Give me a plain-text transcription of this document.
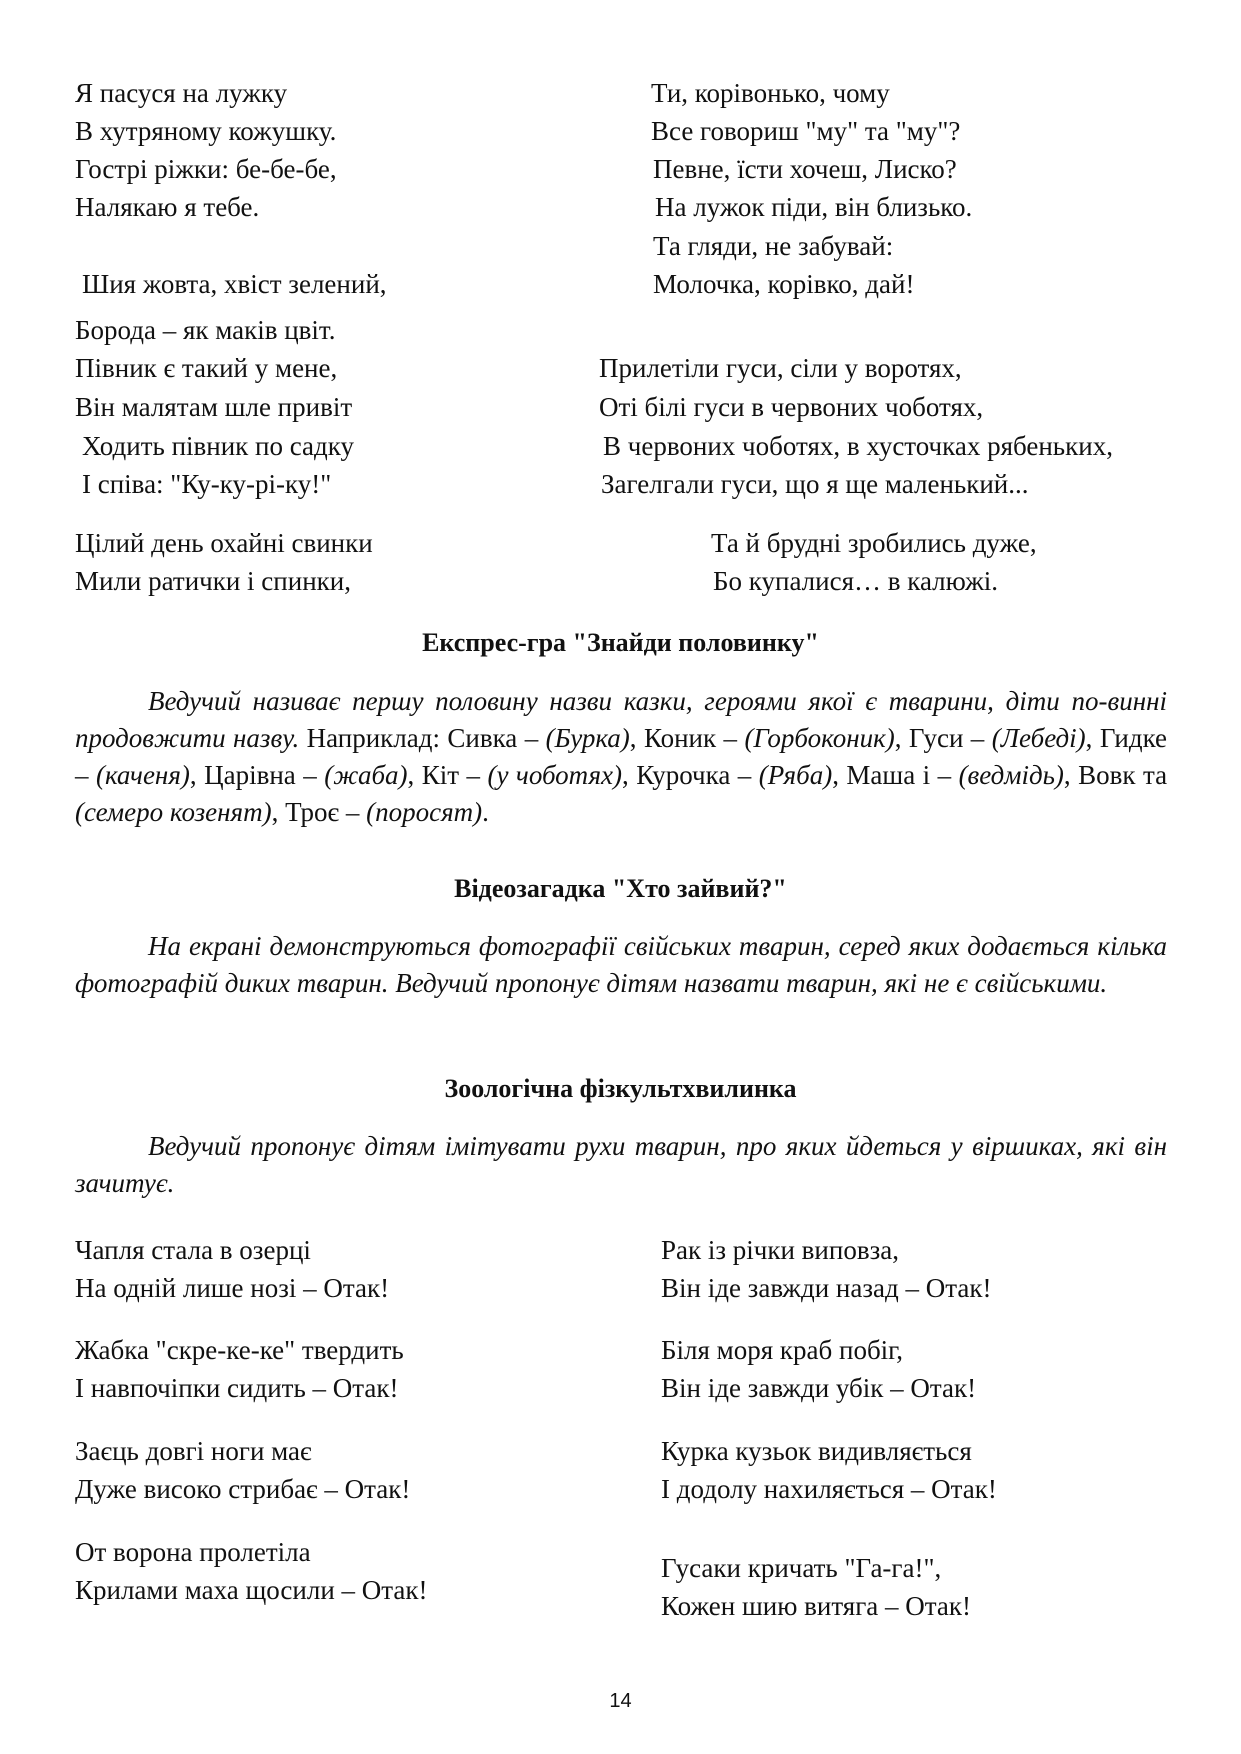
Я пасуся на лужку
В хутряному кожушку.
Гострі ріжки: бе-бе-бе,
Налякаю я тебе.
Ти, корівонько, чому
Все говориш "му" та "му"?
Певне, їсти хочеш, Лиско?
На лужок піди, він близько.
Та гляди, не забувай:
Молочка, корівко, дай!
Шия жовта, хвіст зелений,
Борода – як маків цвіт.
Півник є такий у мене,
Він малятам шле привіт
Ходить півник по садку
І співа: "Ку-ку-рі-ку!"
Прилетіли гуси, сіли у воротях,
Оті білі гуси в червоних чоботях,
В червоних чоботях, в хусточках рябеньких,
Загелгали гуси, що я ще маленький...
Цілий день охайні свинки
Мили ратички і спинки,
Та й брудні зробились дуже,
Бо купалися… в калюжі.
Експрес-гра "Знайди половинку"
Ведучий називає першу половину назви казки, героями якої є тварини, діти по-винні продовжити назву. Наприклад: Сивка – (Бурка), Коник – (Горбоконик), Гуси – (Лебеді), Гидке – (каченя), Царівна – (жаба), Кіт – (у чоботях), Курочка – (Ряба), Маша і – (ведмідь), Вовк та (семеро козенят), Троє – (поросят).
Відеозагадка "Хто зайвий?"
На екрані демонструються фотографії свійських тварин, серед яких додається кілька фотографій диких тварин. Ведучий пропонує дітям назвати тварин, які не є свійськими.
Зоологічна фізкультхвилинка
Ведучий пропонує дітям імітувати рухи тварин, про яких йдеться у віршиках, які він зачитує.
Чапля стала в озерці
На одній лише нозі – Отак!
Жабка "скре-ке-ке" твердить
І навпочіпки сидить – Отак!
Заєць довгі ноги має
Дуже високо стрибає – Отак!
От ворона пролетіла
Крилами маха щосили – Отак!
Рак із річки виповза,
Він іде завжди назад – Отак!
Біля моря краб побіг,
Він іде завжди убік – Отак!
Курка кузьок видивляється
І додолу нахиляється – Отак!
Гусаки кричать "Га-га!",
Кожен шию витяга – Отак!
14
